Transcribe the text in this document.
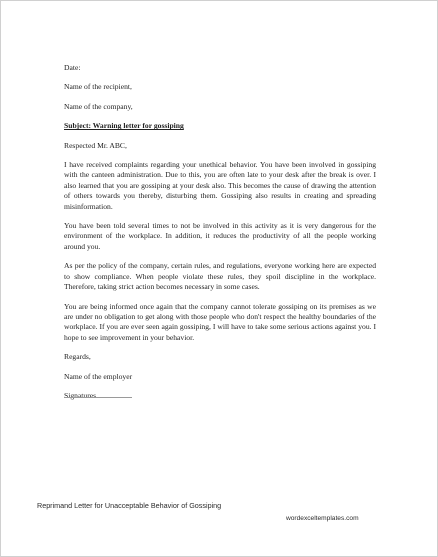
Date:

Name of the recipient,

Name of the company,

Subject: Warning letter for gossiping

Respected Mr. ABC,

I have received complaints regarding your unethical behavior. You have been involved in gossiping with the canteen administration. Due to this, you are often late to your desk after the break is over. I also learned that you are gossiping at your desk also. This becomes the cause of drawing the attention of others towards you thereby, disturbing them. Gossiping also results in creating and spreading misinformation.

You have been told several times to not be involved in this activity as it is very dangerous for the environment of the workplace. In addition, it reduces the productivity of all the people working around you.

As per the policy of the company, certain rules, and regulations, everyone working here are expected to show compliance. When people violate these rules, they spoil discipline in the workplace. Therefore, taking strict action becomes necessary in some cases.

You are being informed once again that the company cannot tolerate gossiping on its premises as we are under no obligation to get along with those people who don't respect the healthy boundaries of the workplace. If you are ever seen again gossiping, I will have to take some serious actions against you. I hope to see improvement in your behavior.

Regards,

Name of the employer

Signatures

Reprimand Letter for Unacceptable Behavior of Gossiping
wordexceltemplates.com
